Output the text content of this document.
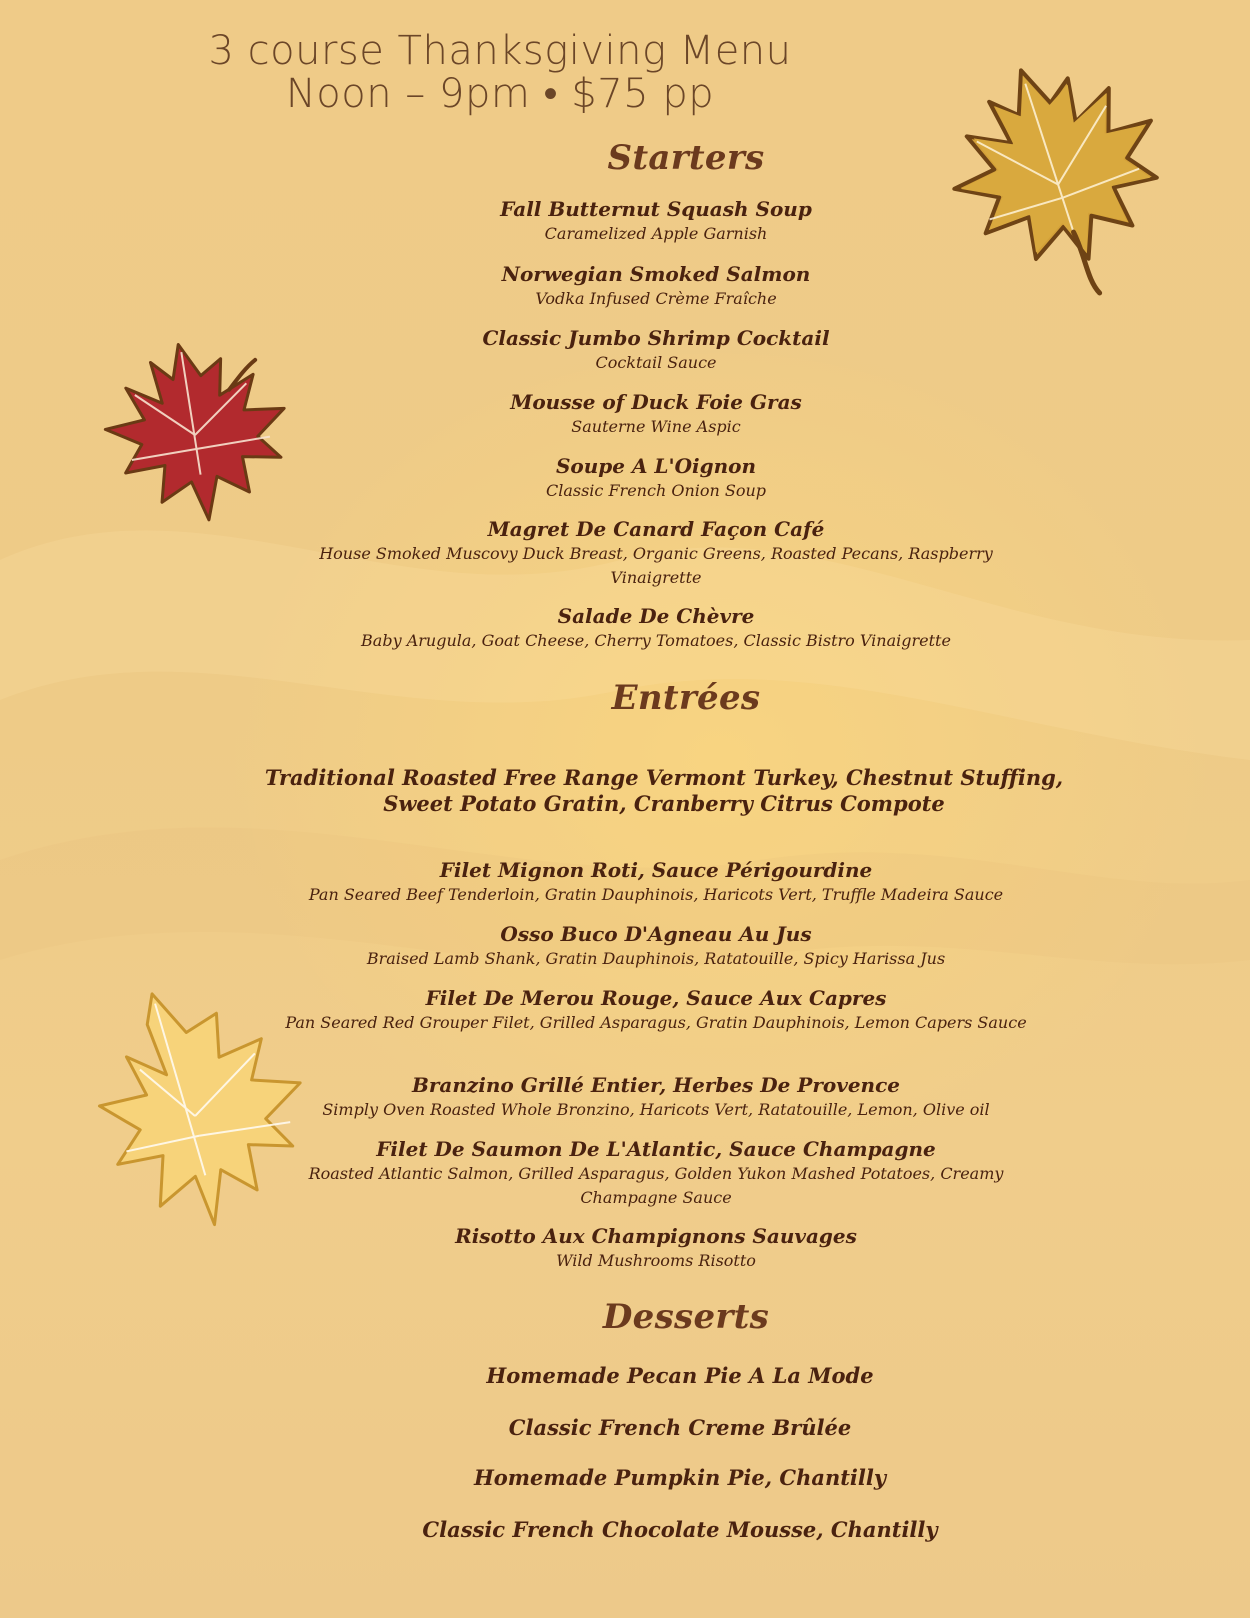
3 course Thanksgiving Menu
Noon – 9pm • $75 pp
Starters
Fall Butternut Squash Soup
Caramelized Apple Garnish
Norwegian Smoked Salmon
Vodka Infused Crème Fraîche
Classic Jumbo Shrimp Cocktail
Cocktail Sauce
Mousse of Duck Foie Gras
Sauterne Wine Aspic
Soupe A L'Oignon
Classic French Onion Soup
Magret De Canard Façon Café
House Smoked Muscovy Duck Breast, Organic Greens, Roasted Pecans, Raspberry Vinaigrette
Salade De Chèvre
Baby Arugula, Goat Cheese, Cherry Tomatoes, Classic Bistro Vinaigrette
Entrées
Traditional Roasted Free Range Vermont Turkey, Chestnut Stuffing, Sweet Potato Gratin, Cranberry Citrus Compote
Filet Mignon Roti, Sauce Périgourdine
Pan Seared Beef Tenderloin, Gratin Dauphinois, Haricots Vert, Truffle Madeira Sauce
Osso Buco D'Agneau Au Jus
Braised Lamb Shank, Gratin Dauphinois, Ratatouille, Spicy Harissa Jus
Filet De Merou Rouge, Sauce Aux Capres
Pan Seared Red Grouper Filet, Grilled Asparagus, Gratin Dauphinois, Lemon Capers Sauce
Branzino Grillé Entier, Herbes De Provence
Simply Oven Roasted Whole Bronzino, Haricots Vert, Ratatouille, Lemon, Olive oil
Filet De Saumon De L'Atlantic, Sauce Champagne
Roasted Atlantic Salmon, Grilled Asparagus, Golden Yukon Mashed Potatoes, Creamy Champagne Sauce
Risotto Aux Champignons Sauvages
Wild Mushrooms Risotto
Desserts
Homemade Pecan Pie A La Mode
Classic French Creme Brûlée
Homemade Pumpkin Pie, Chantilly
Classic French Chocolate Mousse, Chantilly
